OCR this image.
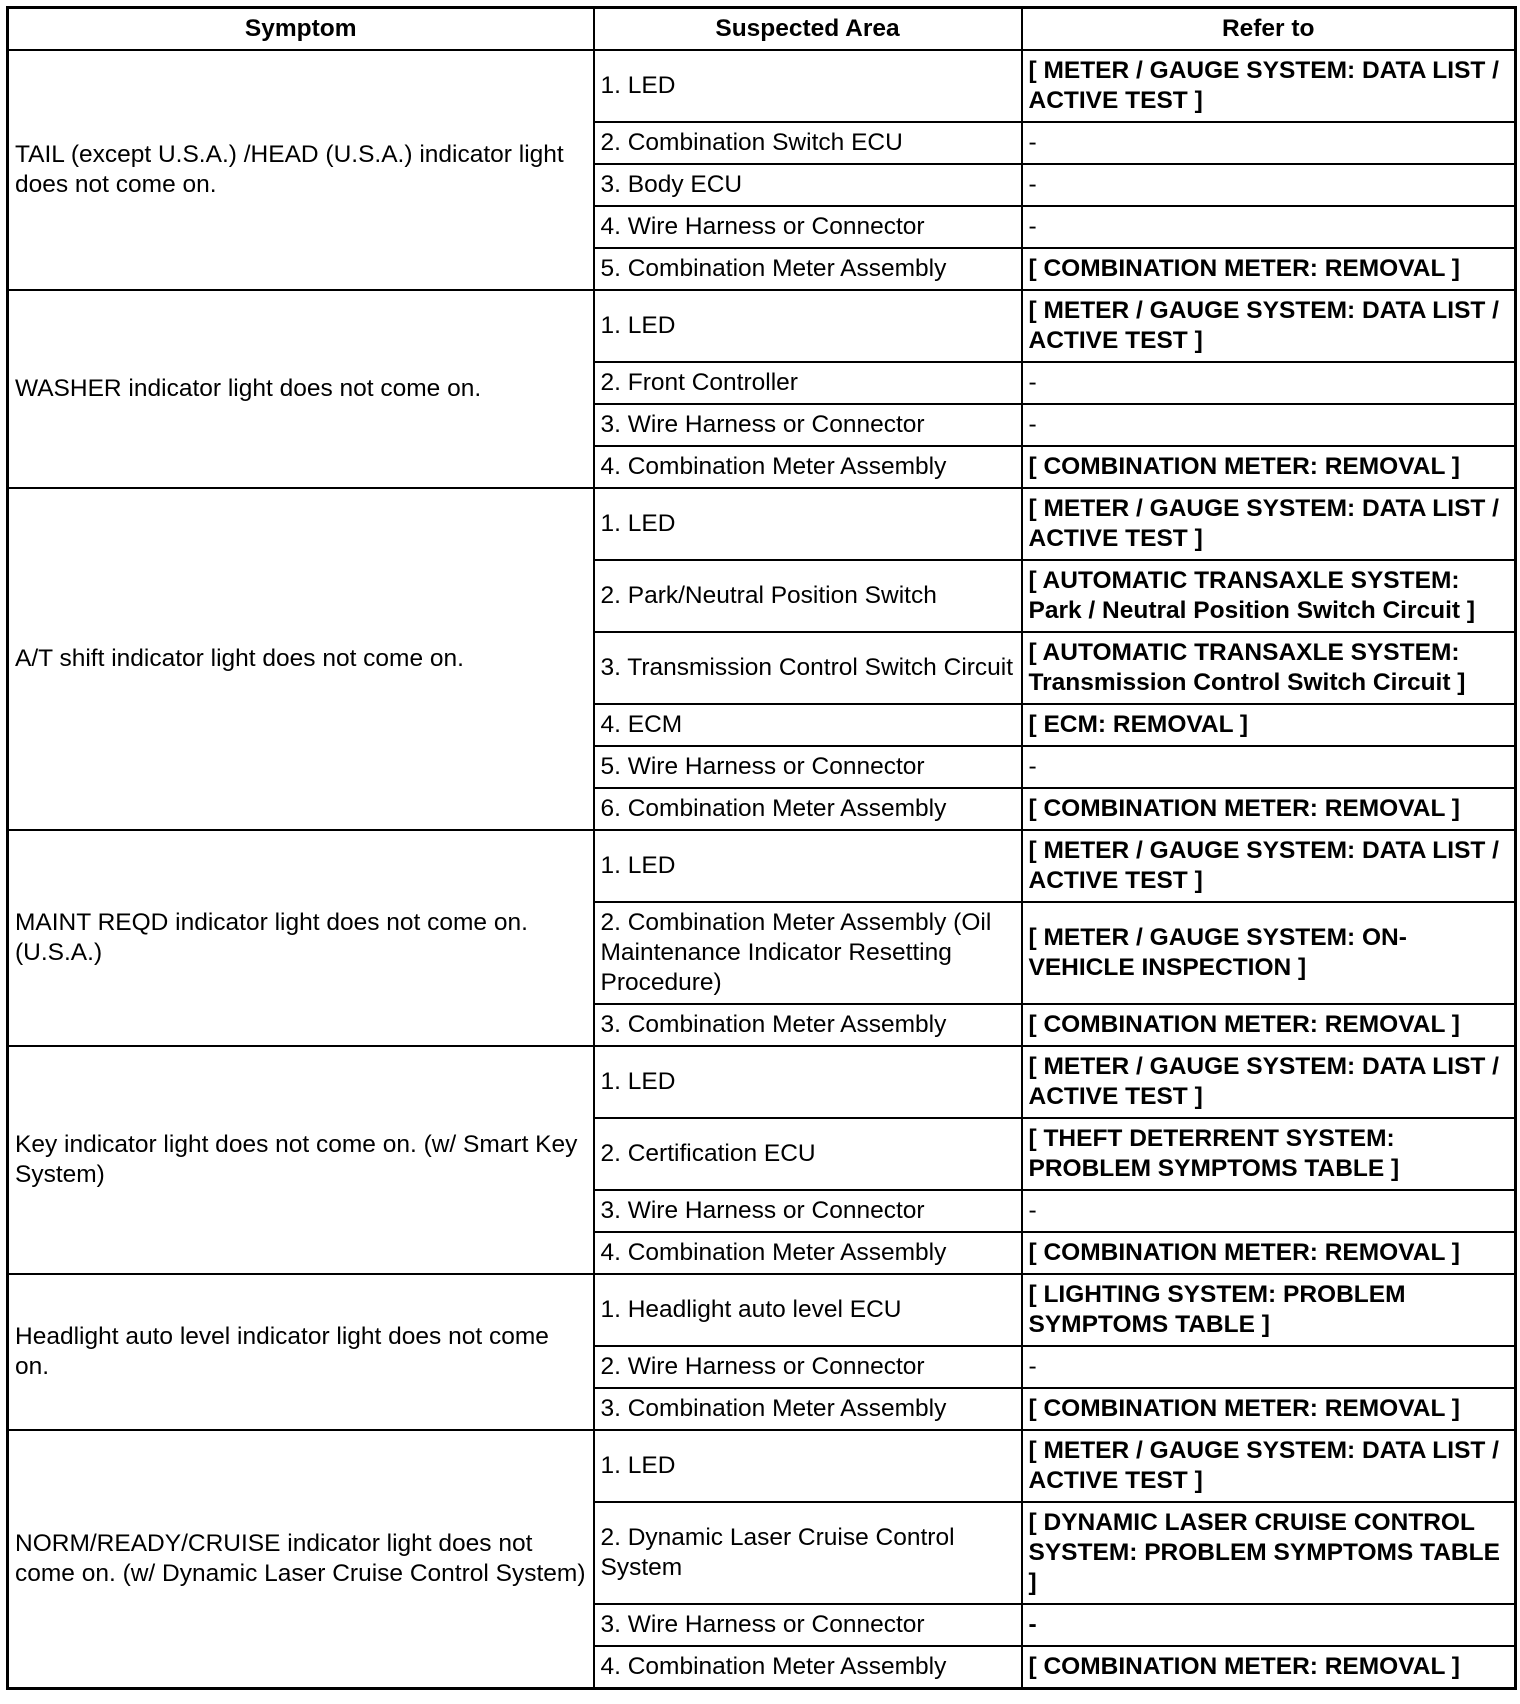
Symptom	Suspected Area	Refer to
TAIL (except U.S.A.) /HEAD (U.S.A.) indicator light does not come on.	1. LED	[ METER / GAUGE SYSTEM: DATA LIST / ACTIVE TEST ]
	2. Combination Switch ECU	-
	3. Body ECU	-
	4. Wire Harness or Connector	-
	5. Combination Meter Assembly	[ COMBINATION METER: REMOVAL ]
WASHER indicator light does not come on.	1. LED	[ METER / GAUGE SYSTEM: DATA LIST / ACTIVE TEST ]
	2. Front Controller	-
	3. Wire Harness or Connector	-
	4. Combination Meter Assembly	[ COMBINATION METER: REMOVAL ]
A/T shift indicator light does not come on.	1. LED	[ METER / GAUGE SYSTEM: DATA LIST / ACTIVE TEST ]
	2. Park/Neutral Position Switch	[ AUTOMATIC TRANSAXLE SYSTEM: Park / Neutral Position Switch Circuit ]
	3. Transmission Control Switch Circuit	[ AUTOMATIC TRANSAXLE SYSTEM: Transmission Control Switch Circuit ]
	4. ECM	[ ECM: REMOVAL ]
	5. Wire Harness or Connector	-
	6. Combination Meter Assembly	[ COMBINATION METER: REMOVAL ]
MAINT REQD indicator light does not come on. (U.S.A.)	1. LED	[ METER / GAUGE SYSTEM: DATA LIST / ACTIVE TEST ]
	2. Combination Meter Assembly (Oil Maintenance Indicator Resetting Procedure)	[ METER / GAUGE SYSTEM: ON-VEHICLE INSPECTION ]
	3. Combination Meter Assembly	[ COMBINATION METER: REMOVAL ]
Key indicator light does not come on. (w/ Smart Key System)	1. LED	[ METER / GAUGE SYSTEM: DATA LIST / ACTIVE TEST ]
	2. Certification ECU	[ THEFT DETERRENT SYSTEM: PROBLEM SYMPTOMS TABLE ]
	3. Wire Harness or Connector	-
	4. Combination Meter Assembly	[ COMBINATION METER: REMOVAL ]
Headlight auto level indicator light does not come on.	1. Headlight auto level ECU	[ LIGHTING SYSTEM: PROBLEM SYMPTOMS TABLE ]
	2. Wire Harness or Connector	-
	3. Combination Meter Assembly	[ COMBINATION METER: REMOVAL ]
NORM/READY/CRUISE indicator light does not come on. (w/ Dynamic Laser Cruise Control System)	1. LED	[ METER / GAUGE SYSTEM: DATA LIST / ACTIVE TEST ]
	2. Dynamic Laser Cruise Control System	[ DYNAMIC LASER CRUISE CONTROL SYSTEM: PROBLEM SYMPTOMS TABLE ]
	3. Wire Harness or Connector	-
	4. Combination Meter Assembly	[ COMBINATION METER: REMOVAL ]
